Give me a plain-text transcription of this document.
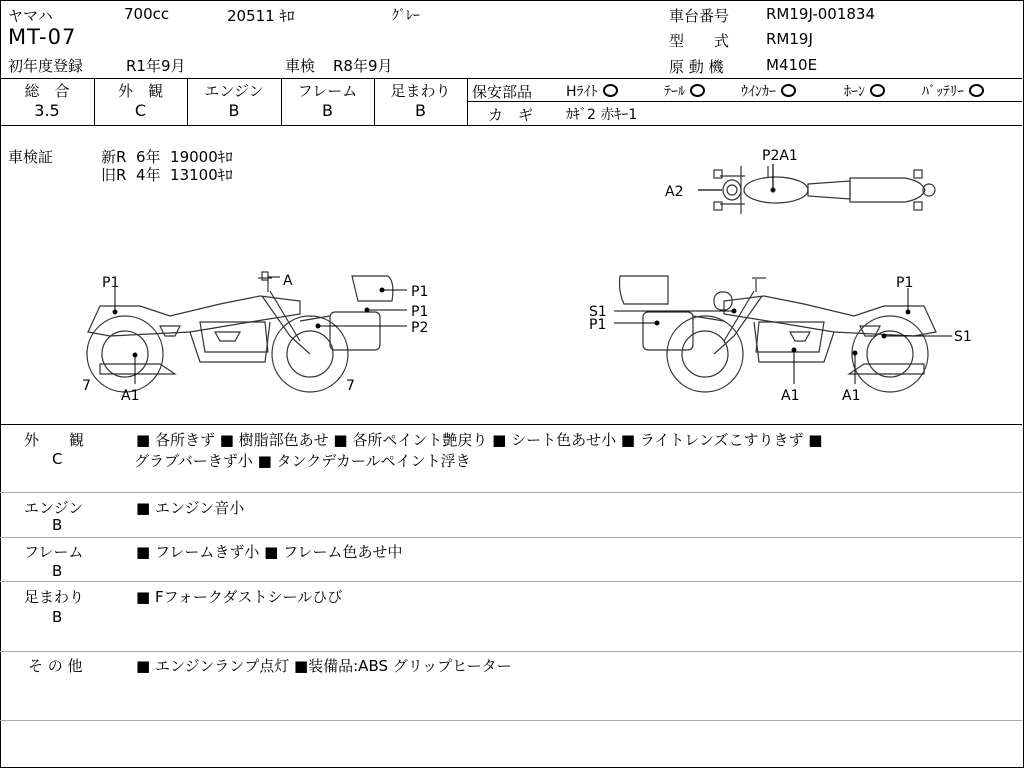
ヤマハ	700cc	20511 ｷﾛ	ｸﾞﾚｰ
MT-07
初年度登録	R1年9月	車検 R8年9月
車台番号 RM19J-001834
型　　式 RM19J
原 動 機	M410E
総　合
3.5
外　観
C
エンジン
B
フレーム
B
足まわり
B
保安部品 Hﾗｲﾄ	ﾃｰﾙ	ｳｲﾝｶｰ	ﾎｰﾝ	ﾊﾞｯﾃﾘｰ
カ　ギ ｶｷﾞ2 赤ｷｰ1
車検証	新R  6年  19000ｷﾛ
旧R  4年  13100ｷﾛ
P2A1
A2
P1	A
P1
P1
P2
7
A1
7
S1
P1
P1
S1
A1	A1
外　　観
C
■ 各所きず ■ 樹脂部色あせ ■ 各所ペイント艶戻り ■ シート色あせ小 ■ ライトレンズこすりきず ■
グラブバーきず小 ■ タンクデカールペイント浮き
エンジン
B
■ エンジン音小
フレーム
B
■ フレームきず小 ■ フレーム色あせ中
足まわり
B
■ Fフォークダストシールひび
そ の 他	■ エンジンランプ点灯 ■装備品:ABS グリップヒーター
